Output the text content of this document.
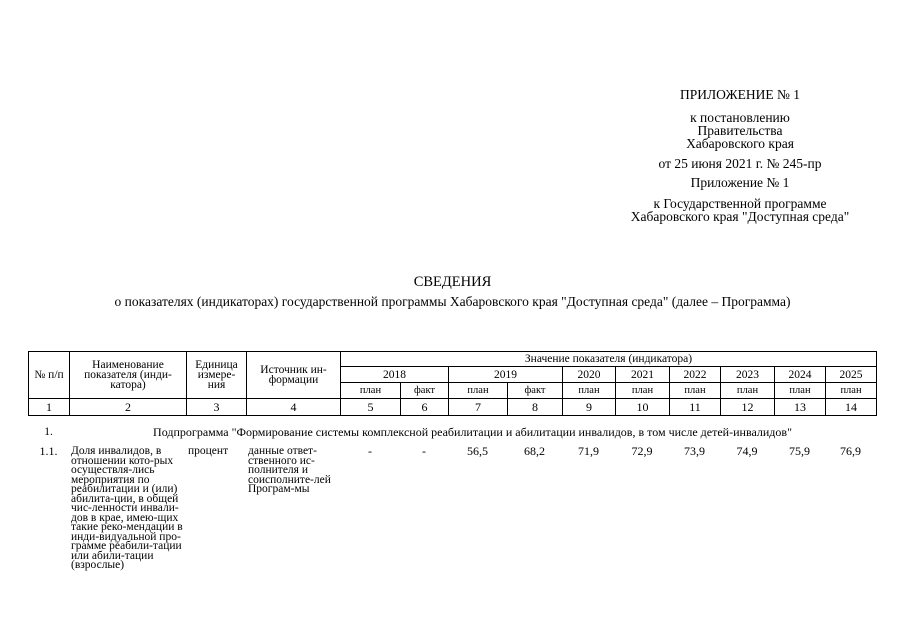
ПРИЛОЖЕНИЕ № 1
к постановлению
Правительства
Хабаровского края
от 25 июня 2021 г. № 245-пр
Приложение № 1
к Государственной программе
Хабаровского края "Доступная среда"
СВЕДЕНИЯ
о показателях (индикаторах) государственной программы Хабаровского края "Доступная среда" (далее – Программа)
№ п/п	Наименование показателя (инди-катора)	Единица измере-ния	Источник ин-формации	Значение показателя (индикатора)									
				2018		2019		2020	2021	2022	2023	2024	2025
				план	факт	план	факт	план	план	план	план	план	план
1	2	3	4	5	6	7	8	9	10	11	12	13	14
1.	Подпрограмма "Формирование системы комплексной реабилитации и абилитации инвалидов, в том числе детей-инвалидов"												
1.1.	Доля инвалидов, в отношении кото-рых осуществля-лись мероприятия по реабилитации и (или) абилита-ции, в общей чис-ленности инвали-дов в крае, имею-щих такие реко-мендации в инди-видуальной про-грамме реабили-тации или абили-тации (взрослые)	процент	данные ответ-ственного ис-полнителя и соисполните-лей Програм-мы	-	-	56,5	68,2	71,9	72,9	73,9	74,9	75,9	76,9
